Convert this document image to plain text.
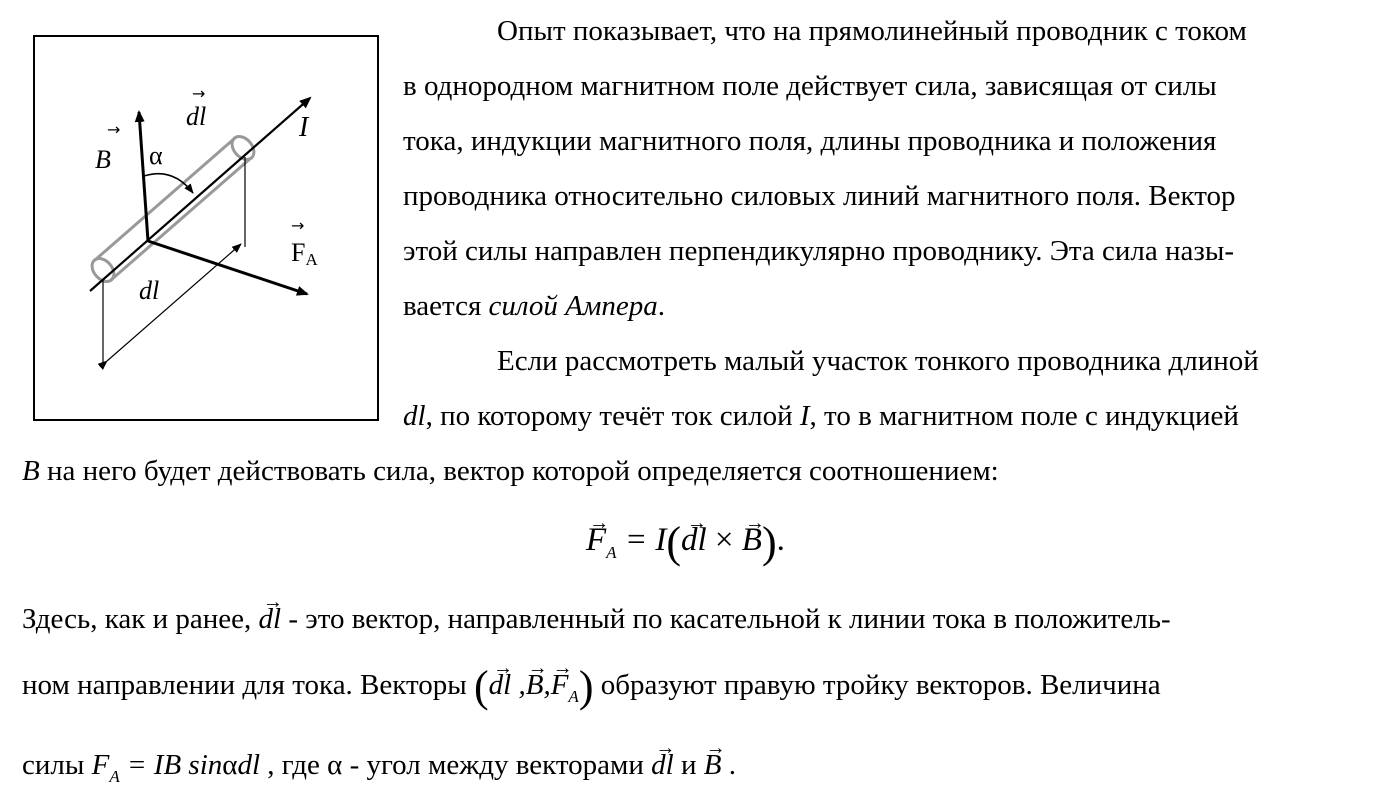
B
→
α
dl
→
I
FA
→
dl
Опыт показывает, что на прямолинейный проводник с током
в однородном магнитном поле действует сила, зависящая от силы
тока, индукции магнитного поля, длины проводника и положения
проводника относительно силовых линий магнитного поля. Вектор
этой силы направлен перпендикулярно проводнику. Эта сила назы-
вается силой Ампера.
Если рассмотреть малый участок тонкого проводника длиной
dl, по которому течёт ток силой I, то в магнитном поле с индукцией
B на него будет действовать сила, вектор которой определяется соотношением:
→ $F_A = I(\to$ dl × → B).
Здесь, как и ранее, → dl - это вектор, направленный по касательной к линии тока в положитель-
ном направлении для тока. Векторы (→ dl ,→ $B,\to F_A$) образуют правую тройку векторов. Величина
силы $F_A$ = IB sinαdl , где α - угол между векторами → dl и → B .
